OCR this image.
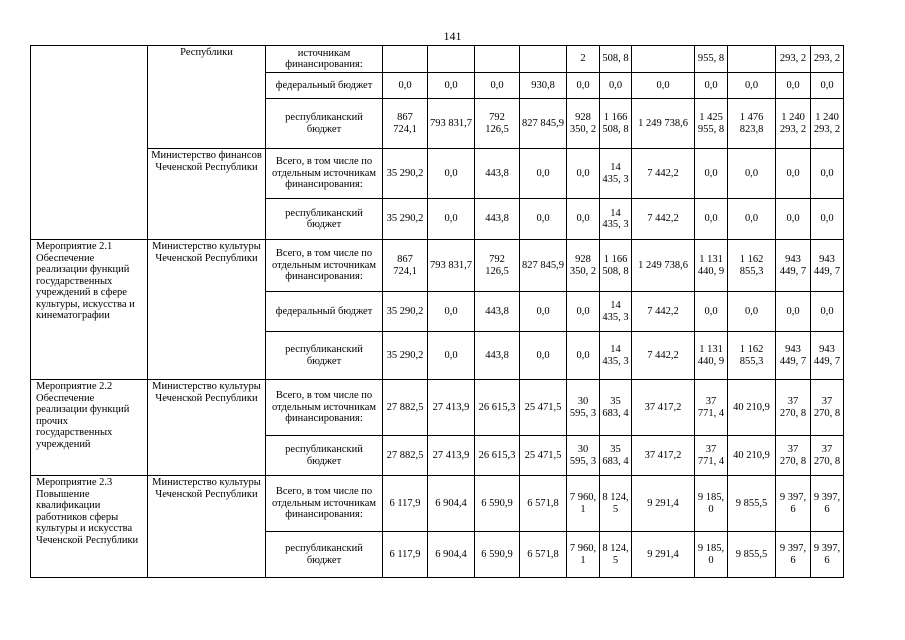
141
	Республики	источникам финансирования:					2	508, 8		955, 8		293, 2	293, 2
		федеральный бюджет	0,0	0,0	0,0	930,8	0,0	0,0	0,0	0,0	0,0	0,0	0,0
		республиканский бюджет	867 724,1	793 831,7	792 126,5	827 845,9	928 350, 2	1 166 508, 8	1 249 738,6	1 425 955, 8	1 476 823,8	1 240 293, 2	1 240 293, 2
	Министерство финансов Чеченской Республики	Всего, в том числе по отдельным источникам финансирования:	35 290,2	0,0	443,8	0,0	0,0	14 435, 3	7 442,2	0,0	0,0	0,0	0,0
		республиканский бюджет	35 290,2	0,0	443,8	0,0	0,0	14 435, 3	7 442,2	0,0	0,0	0,0	0,0
Мероприятие 2.1 Обеспечение реализации функций государственных учреждений в сфере культуры, искусства и кинематографии	Министерство культуры Чеченской Республики	Всего, в том числе по отдельным источникам финансирования:	867 724,1	793 831,7	792 126,5	827 845,9	928 350, 2	1 166 508, 8	1 249 738,6	1 131 440, 9	1 162 855,3	943 449, 7	943 449, 7
		федеральный бюджет	35 290,2	0,0	443,8	0,0	0,0	14 435, 3	7 442,2	0,0	0,0	0,0	0,0
		республиканский бюджет	35 290,2	0,0	443,8	0,0	0,0	14 435, 3	7 442,2	1 131 440, 9	1 162 855,3	943 449, 7	943 449, 7
Мероприятие 2.2 Обеспечение реализации функций прочих государственных учреждений	Министерство культуры Чеченской Республики	Всего, в том числе по отдельным источникам финансирования:	27 882,5	27 413,9	26 615,3	25 471,5	30 595, 3	35 683, 4	37 417,2	37 771, 4	40 210,9	37 270, 8	37 270, 8
		республиканский бюджет	27 882,5	27 413,9	26 615,3	25 471,5	30 595, 3	35 683, 4	37 417,2	37 771, 4	40 210,9	37 270, 8	37 270, 8
Мероприятие 2.3 Повышение квалификации работников сферы культуры и искусства Чеченской Республики	Министерство культуры Чеченской Республики	Всего, в том числе по отдельным источникам финансирования:	6 117,9	6 904,4	6 590,9	6 571,8	7 960, 1	8 124, 5	9 291,4	9 185, 0	9 855,5	9 397, 6	9 397, 6
		республиканский бюджет	6 117,9	6 904,4	6 590,9	6 571,8	7 960, 1	8 124, 5	9 291,4	9 185, 0	9 855,5	9 397, 6	9 397, 6
